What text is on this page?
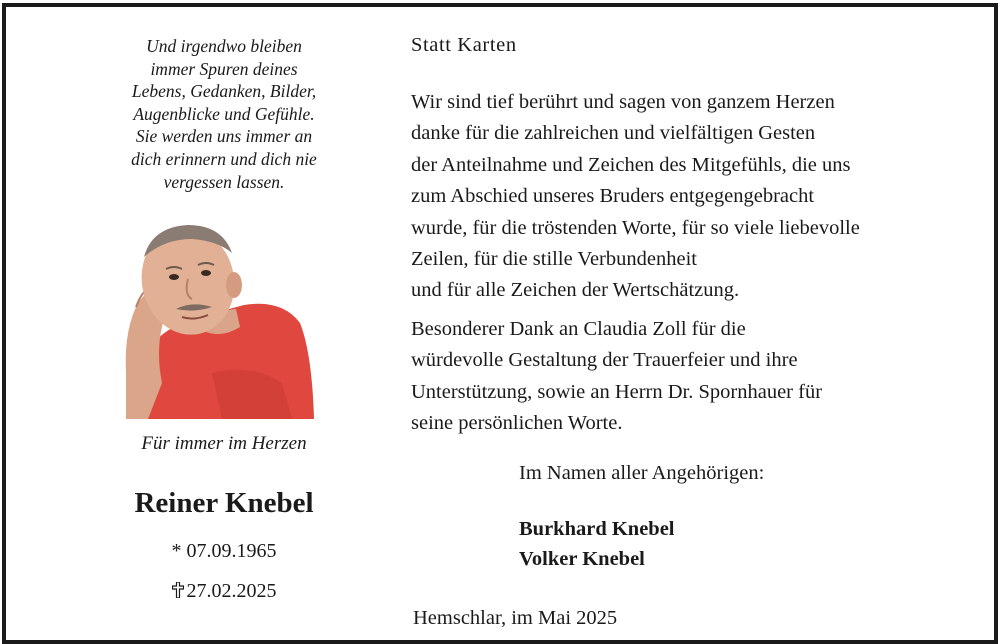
Und irgendwo bleiben
immer Spuren deines
Lebens, Gedanken, Bilder,
Augenblicke und Gefühle.
Sie werden uns immer an
dich erinnern und dich nie
vergessen lassen.
Für immer im Herzen
Reiner Knebel
* 07.09.1965
27.02.2025
Statt Karten
Wir sind tief berührt und sagen von ganzem Herzen
danke für die zahlreichen und vielfältigen Gesten
der Anteilnahme und Zeichen des Mitgefühls, die uns
zum Abschied unseres Bruders entgegengebracht
wurde, für die tröstenden Worte, für so viele liebevolle
Zeilen, für die stille Verbundenheit
und für alle Zeichen der Wertschätzung.
Besonderer Dank an Claudia Zoll für die
würdevolle Gestaltung der Trauerfeier und ihre
Unterstützung, sowie an Herrn Dr. Spornhauer für
seine persönlichen Worte.
Im Namen aller Angehörigen:
Burkhard Knebel
Volker Knebel
Hemschlar, im Mai 2025
